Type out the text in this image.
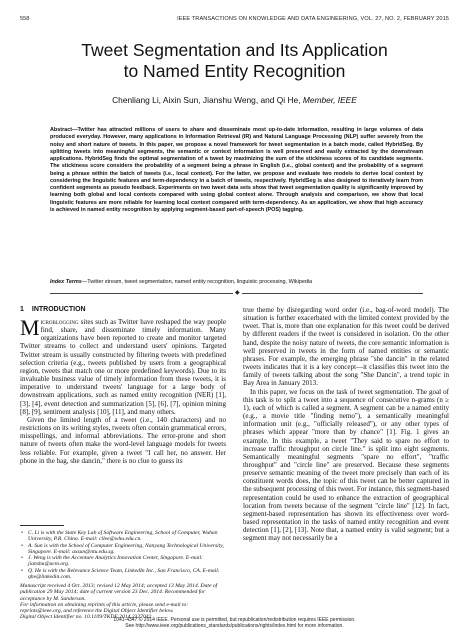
558	IEEE TRANSACTIONS ON KNOWLEDGE AND DATA ENGINEERING, VOL. 27, NO. 2, FEBRUARY 2015
Tweet Segmentation and Its Application
to Named Entity Recognition
Chenliang Li, Aixin Sun, Jianshu Weng, and Qi He, Member, IEEE
Abstract—Twitter has attracted millions of users to share and disseminate most up-to-date information, resulting in large volumes of data produced everyday. However, many applications in Information Retrieval (IR) and Natural Language Processing (NLP) suffer severely from the noisy and short nature of tweets. In this paper, we propose a novel framework for tweet segmentation in a batch mode, called HybridSeg. By splitting tweets into meaningful segments, the semantic or context information is well preserved and easily extracted by the downstream applications. HybridSeg finds the optimal segmentation of a tweet by maximizing the sum of the stickiness scores of its candidate segments. The stickiness score considers the probability of a segment being a phrase in English (i.e., global context) and the probability of a segment being a phrase within the batch of tweets (i.e., local context). For the latter, we propose and evaluate two models to derive local context by considering the linguistic features and term-dependency in a batch of tweets, respectively. HybridSeg is also designed to iteratively learn from confident segments as pseudo feedback. Experiments on two tweet data sets show that tweet segmentation quality is significantly improved by learning both global and local contexts compared with using global context alone. Through analysis and comparison, we show that local linguistic features are more reliable for learning local context compared with term-dependency. As an application, we show that high accuracy is achieved in named entity recognition by applying segment-based part-of-speech (POS) tagging.
Index Terms—Twitter stream, tweet segmentation, named entity recognition, linguistic processing, Wikipedia
◆
1 INTRODUCTION

Microblogging sites such as Twitter have reshaped the way people find, share, and disseminate timely information. Many organizations have been reported to create and monitor targeted Twitter streams to collect and understand users' opinions. Targeted Twitter stream is usually constructed by filtering tweets with predefined selection criteria (e.g., tweets published by users from a geographical region, tweets that match one or more predefined keywords). Due to its invaluable business value of timely information from these tweets, it is imperative to understand tweets' language for a large body of downstream applications, such as named entity recognition (NER) [1], [3], [4], event detection and summarization [5], [6], [7], opinion mining [8], [9], sentiment analysis [10], [11], and many others.

Given the limited length of a tweet (i.e., 140 characters) and no restrictions on its writing styles, tweets often contain grammatical errors, misspellings, and informal abbreviations. The error-prone and short nature of tweets often make the word-level language models for tweets less reliable. For example, given a tweet "I call her, no answer. Her phone in the bag, she dancin," there is no clue to guess its

true theme by disregarding word order (i.e., bag-of-word model). The situation is further exacerbated with the limited context provided by the tweet. That is, more than one explanation for this tweet could be derived by different readers if the tweet is considered in isolation. On the other hand, despite the noisy nature of tweets, the core semantic information is well preserved in tweets in the form of named entities or semantic phrases. For example, the emerging phrase "she dancin" in the related tweets indicates that it is a key concept—it classifies this tweet into the family of tweets talking about the song "She Dancin", a trend topic in Bay Area in January 2013.

In this paper, we focus on the task of tweet segmentation. The goal of this task is to split a tweet into a sequence of consecutive n-grams (n ≥ 1), each of which is called a segment. A segment can be a named entity (e.g., a movie title "finding nemo"), a semantically meaningful information unit (e.g., "officially released"), or any other types of phrases which appear "more than by chance" [1]. Fig. 1 gives an example. In this example, a tweet "They said to spare no effort to increase traffic throughput on circle line." is split into eight segments. Semantically meaningful segments "spare no effort", "traffic throughput" and "circle line" are preserved. Because these segments preserve semantic meaning of the tweet more precisely than each of its constituent words does, the topic of this tweet can be better captured in the subsequent processing of this tweet. For instance, this segment-based representation could be used to enhance the extraction of geographical location from tweets because of the segment "circle line" [12]. In fact, segment-based representation has shown its effectiveness over word-based representation in the tasks of named entity recognition and event detection [1], [2], [13]. Note that, a named entity is valid segment; but a segment may not necessarily be a

• C. Li is with the State Key Lab of Software Engineering, School of Computer, Wuhan University, P.R. China. E-mail: cllee@whu.edu.cn.
• A. Sun is with the School of Computer Engineering, Nanyang Technological University, Singapore. E-mail: axsun@ntu.edu.sg.
• J. Weng is with the Accenture Analytics Innovation Center, Singapore. E-mail: jianshu@acm.org.
• Q. He is with the Relevance Science Team, LinkedIn Inc., San Francisco, CA. E-mail: qhe@linkedin.com.
Manuscript received 4 Oct. 2013; revised 12 May 2014; accepted 13 May 2014. Date of publication 29 May 2014; date of current version 23 Dec. 2014. Recommended for acceptance by M. Sanderson.
For information on obtaining reprints of this article, please send e-mail to: reprints@ieee.org, and reference the Digital Object Identifier below.
Digital Object Identifier no. 10.1109/TKDE.2014.2327042
1041-4347 © 2014 IEEE. Personal use is permitted, but republication/redistribution requires IEEE permission.
See http://www.ieee.org/publications_standards/publications/rights/index.html for more information.
